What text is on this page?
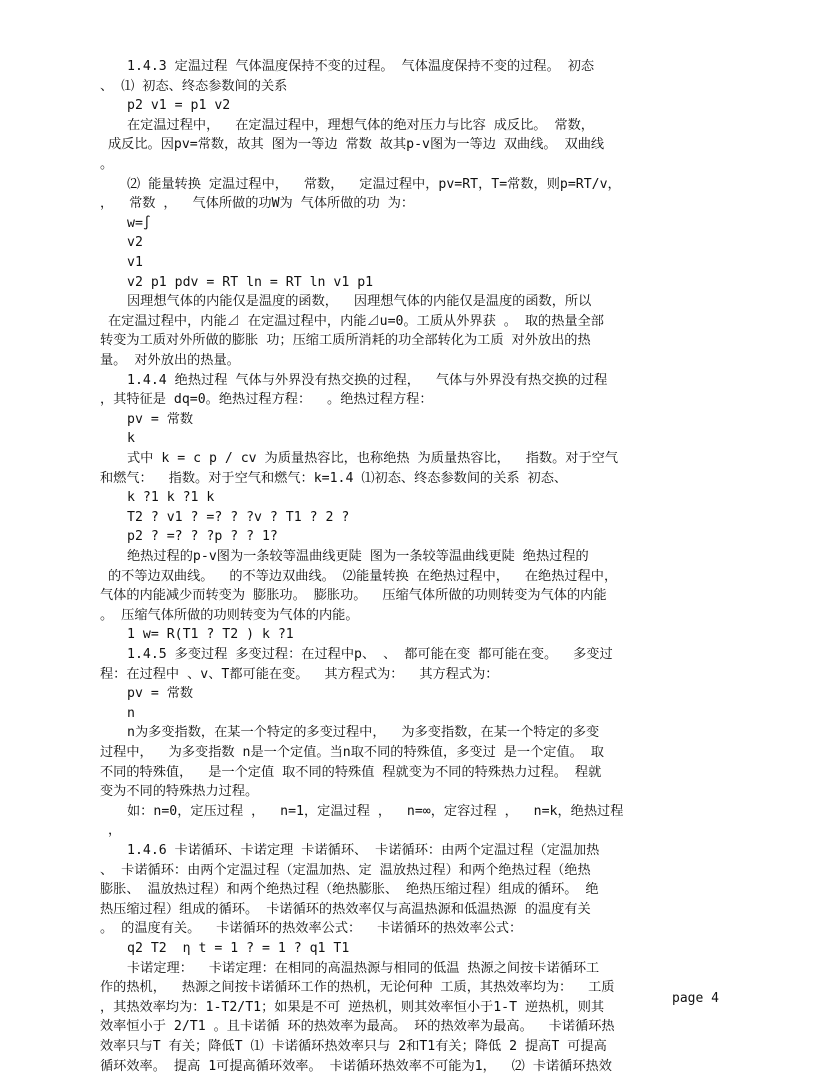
1.4.3 定温过程 气体温度保持不变的过程。 气体温度保持不变的过程。 初态
、 ⑴ 初态、终态参数间的关系
p2 v1 = p1 v2
在定温过程中，  在定温过程中，理想气体的绝对压力与比容 成反比。 常数，
成反比。因pv=常数，故其 图为一等边 常数 故其p-v图为一等边 双曲线。 双曲线
。
⑵ 能量转换 定温过程中，  常数，  定温过程中，pv=RT，T=常数，则p=RT/v，
，  常数 ，  气体所做的功W为 气体所做的功 为：
w=∫
v2
v1
v2 p1 pdv = RT ln = RT ln v1 p1
因理想气体的内能仅是温度的函数，  因理想气体的内能仅是温度的函数，所以
在定温过程中，内能⊿ 在定温过程中，内能⊿u=0。工质从外界获 。 取的热量全部
转变为工质对外所做的膨胀 功；压缩工质所消耗的功全部转化为工质 对外放出的热
量。 对外放出的热量。
1.4.4 绝热过程 气体与外界没有热交换的过程，  气体与外界没有热交换的过程
，其特征是 dq=0。绝热过程方程：  。绝热过程方程：
pv = 常数
k
式中 k = c p / cv 为质量热容比，也称绝热 为质量热容比，  指数。对于空气
和燃气：  指数。对于空气和燃气：k=1.4 ⑴初态、终态参数间的关系 初态、
k ?1 k ?1 k
T2 ? v1 ? =? ? ?v ? T1 ? 2 ?
p2 ? =? ? ?p ? ? 1?
绝热过程的p-v图为一条较等温曲线更陡 图为一条较等温曲线更陡 绝热过程的
的不等边双曲线。  的不等边双曲线。 ⑵能量转换 在绝热过程中，  在绝热过程中，
气体的内能减少而转变为 膨胀功。 膨胀功。  压缩气体所做的功则转变为气体的内能
。 压缩气体所做的功则转变为气体的内能。
1 w= R(T1 ? T2 ) k ?1
1.4.5 多变过程 多变过程：在过程中p、 、 都可能在变 都可能在变。  多变过
程：在过程中 、v、T都可能在变。  其方程式为：  其方程式为：
pv = 常数
n
n为多变指数，在某一个特定的多变过程中，  为多变指数，在某一个特定的多变
过程中，  为多变指数 n是一个定值。当n取不同的特殊值，多变过 是一个定值。 取
不同的特殊值，  是一个定值 取不同的特殊值 程就变为不同的特殊热力过程。 程就
变为不同的特殊热力过程。
如：n=0，定压过程 ，  n=1，定温过程 ，  n=∞，定容过程 ，  n=k，绝热过程
，
1.4.6 卡诺循环、卡诺定理 卡诺循环、 卡诺循环：由两个定温过程（定温加热
、 卡诺循环：由两个定温过程（定温加热、定 温放热过程）和两个绝热过程（绝热
膨胀、 温放热过程）和两个绝热过程（绝热膨胀、 绝热压缩过程）组成的循环。 绝
热压缩过程）组成的循环。 卡诺循环的热效率仅与高温热源和低温热源 的温度有关
。 的温度有关。  卡诺循环的热效率公式：  卡诺循环的热效率公式：
q2 T2  η t = 1 ? = 1 ? q1 T1
卡诺定理：  卡诺定理：在相同的高温热源与相同的低温 热源之间按卡诺循环工
作的热机，  热源之间按卡诺循环工作的热机，无论何种 工质，其热效率均为：  工质
，其热效率均为：1-T2/T1；如果是不可 逆热机，则其效率恒小于1-T 逆热机，则其
效率恒小于 2/T1 。且卡诺循 环的热效率为最高。 环的热效率为最高。  卡诺循环热
效率只与T 有关；降低T ⑴ 卡诺循环热效率只与 2和T1有关；降低 2 提高T 可提高
循环效率。 提高 1可提高循环效率。 卡诺循环热效率不可能为1，  ⑵ 卡诺循环热效
page 4
